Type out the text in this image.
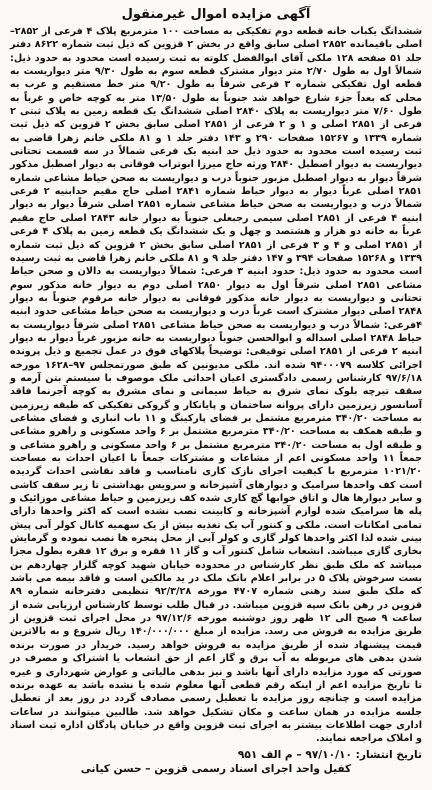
آگهی مزایده اموال غیرمنقول

ششدانگ یکباب خانه قطعه دوم تفکیکی به مساحت ۱۰۰ مترمربع پلاک ۴ فرعی از ۲۸۵۲– اصلی باقیمانده ۲۸۵۲ اصلی سابق واقع در بخش ۲ قزوین که ذیل ثبت شماره ۸۶۲۲ دفتر جلد ۵۱ صفحه ۱۲۸ ملکی آقای ابوالفضل کلوته به ثبت رسیده است محدود به حدود ذیل: شمالاً اول به طول ۲/۷۰ متر دیوار مشترک قطعه سوم به طول ۹/۳۰ متر دیواریست به قطعه اول تفکیکی شماره ۳ فرعی شرقاً به طول ۹/۲۰ متر خط مستقیم و عرب به محلی که بعداً جزء شارع خواهد شد جنوباً به طول ۱۳/۵۰ متر به کوچه خاص و غرباً به طول ۷/۶۰ متر دیواریست به پلاک ۲۸۴۰ اصلی ششدانگ یک قطعه زمین به پلاک ثبتی ۲ فرعی از ۲۸۵۱ اصلی و ۱ و ۲ فرعی از ۲۸۵۱ اصلی سابق بخش ۲ قزوین که ذیل ثبت شماره ۱۳۳۹ و ۱۵۲۶۷ صفحات ۲۹۰ و ۱۴۳ دفتر جلد ۱ و ۸۱ ملکی خانم زهرا قاضی به ثبت رسیده است محدود به حدود ذیل حد ابنیه یک فرعی شمالاً در سه قسمت تحتانی دیواریست به دیوار اصطبل ۲۸۴۰ ورثه حاج میرزا ابوتراب فوقانی به دیوار اصطبل مذکور شرقاً دیوار به دیوار اصطبل مزبور جنوباً درب و دیواریست به صحن حیاط مشاعی شماره ۲۸۵۱ اصلی غرباً دیوار به دیوار حیاط شماره ۲۸۴۱ اصلی حاج مقیم حدابنیه ۲ فرعی شمالاً درب و دیواریست به صحن حیاط مشاعی شماره ۲۸۵۱ اصلی شرقاً دیوار به دیوار ابنیه ۴ فرعی از ۲۸۵۱ اصلی سیمی رجبعلی جنوباً به دیوار خانه ۲۸۴۳ اصلی حاج مقیم غرباً به خانه دو هزار و هشتصد و چهل و یک ششدانگ یک قطعه زمین به پلاک ۴ فرعی از ۲۸۵۱ اصلی و ۴ و ۳ فرعی از ۲۸۵۱ اصلی سابق بخش ۲ قزوین که ذیل ثبت شماره ۱۳۳۹ و ۱۵۲۶۸ صفحات ۳۹۴ و ۱۴۷ دفتر جلد ۹ و ۸۱ ملکی خانم زهرا قاضی به ثبت رسیده است محدود به حدود ذیل: حدود ابنیه ۳ فرعی: شمالاً دیواریست به دالان و صحن حیاط مشاعی ۲۸۵۱ اصلی شرقاً اول به دیوار ۲۸۵۰ اصلی دوم به دیوار خانه مذکور سوم تحتانی و دیواریست به دیوار خانه مذکور فوقانی به دیوار خانه مرقوم جنوباً به دیوار ۲۸۴۸ اصلی دیوار مشترک است غرباً درب و دیواریست به صحن حیاط مشاعی حدود ابنیه ۴فرعی: شمالاً درب و دیواریست به صحن حیاط مشاعی ۲۸۵۱ اصلی شرقاً دیواریست به حیاط ۲۸۴۸ اصلی اسداله و ابوالحسن جنوباً دیواریست به خانه مزبور غرباً دیوار به دیوار ابنیه ۲ فرعی از ۲۸۵۱ اصلی توقیفی: توضیحاً پلاکهای فوق در عمل تجمیع و ذیل پرونده اجرائی کلاسه ۹۴۰۰۰۷۹ شده اند. ملکی مدیونین که طبق صورتمجلس ۹۷–۱۶۲۸ مورخه ۹۷/۶/۱۸ کارشناس رسمی دادگستری اعیان احداثی ملک موصوف با سیستم بتن آرمه و سقف تیرچه بلوک نمای شرق به حیاط سیمانی و نمای مشرق به کوچه آجرنما فاقد آسانسور زیرزمین دارای پروانه ساختمان و پایانکار و گروکی تفکیکی که طبقه زیرزمین به مساحت ۳۴۰/۲۰ مترمربع مشتمل بر فضای پارکینگ و ۱۱ باب انباری و فضای مشاعی و طبقه همکف به مساحت ۳۴۰/۲۰ مترمربع مشتمل بر ۶ واحد مسکونی و راهرو مشاعی و طبقه اول به مساحت ۳۴۰/۲۰ مترمربع مشتمل بر ۶ واحد مسکونی و راهرو مشاعی و جمعاً ۱۱ واحد مسکونی اعم از مشاعات و مشترکات جمعاً با اعیان احداث به مساحت ۱۰۲۱/۲۰ مترمربع با کیفیت اجرای نازک کاری نامناسب و فاقد نقاشی احداث گردیده است کف واحدها سرامیک و دیوارهای آشپزخانه و سرویس بهداشتی تا زیر سقف کاشی و سایر دیوارها هال و اتاق خوابها گچ کاری شده کف زیرزمین و حیاط مشاعی موزائیک و پله ها سرامیک شده لوازم آشپزخانه و کابینت نصب نشده است که اکثر واحدها دارای تمامی امکانات است. ملکی و کنتور آب یک تغذیه بیش از یک سهمیه کانال کولر آبی پیش بینی شده لذا اکثر واحدها کولر گازی و کولر آبی از محل پنجره ها نصب نموده و گرمایش بخاری گازی میباشد. انشعاب شامل کنتور آب و گاز ۱۱ فقره و برق ۱۲ فقره بطول مجزا میباشد که ملک طبق نظر کارشناس در محدوده خیابان شهید کوچه گلزار چهاردهم بن بست سرخوش پلاک ۵ در برابر اعلام بانک ملک در ید مالکین است و فاقد بیمه می باشد که ملک طبق سند رهنی شماره ۴۷۰۷ مورخه ۹۲/۳/۲۸ تنظیمی دفترخانه شماره ۸۹ قزوین در رهن بانک سپه قزوین میباشد. در قبال طلب توسط کارشناس ارزیابی شده از ساعت ۹ صبح الی ۱۲ ظهر روز دوشنبه مورخه ۹۷/۱۲/۶ در محل اجرای ثبت قزوین از طریق مزایده به فروش می رسد. مزایده از مبلغ ۱۴۰/۰۰۰/۰۰۰ ریال شروع و به بالاترین قیمت پیشنهاد شده از طریق مزایده به فروش خواهد رسید. خریدار در صورت برنده شدن بدهی های مربوطه به آب برق و گاز اعم از حق انشعاب یا اشتراک و مصرف در صورتی که مورد مزایده دارای آنها باشد و نیز بدهی مالیاتی و عوارض شهرداری و غیره تا تاریخ مزایده اعم از اینکه رقم قطعی آنها معلوم شده یا نشده باشد به عهده برنده مزایده است و چنانچه روز مزایده با تعطیل رسمی مصادف گردد در روز بعد از تعطیل جلسه مزایده در همان ساعت و مکان تشکیل خواهد شد. طالبین میتوانند در ساعات اداری جهت اطلاعات بیشتر به اجرای ثبت قزوین واقع در خیابان پادگان اداره ثبت اسناد و املاک مراجعه نمایند.

تاریخ انتشار: ۹۷/۱۰/۱۰ – م الف ۹۵۱
کفیل واحد اجرای اسناد رسمی قزوین – حسن کیانی
